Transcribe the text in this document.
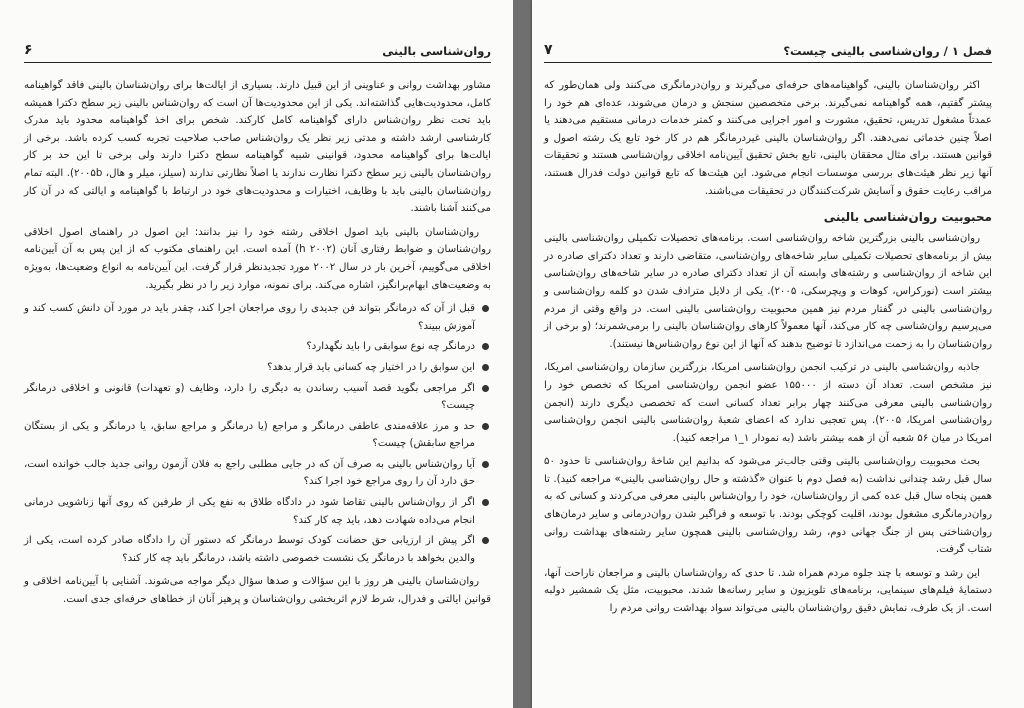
روان‌شناسی بالینی
۶

مشاور بهداشت روانی و عناوینی از این قبیل دارند. بسیاری از ایالت‌ها برای روان‌شناسان بالینی فاقد گواهینامه کامل، محدودیت‌هایی گذاشته‌اند. یکی از این محدودیت‌ها آن است که روان‌شناس بالینی زیر سطح دکترا همیشه باید تحت نظر روان‌شناس دارای گواهینامه کامل کارکند. شخص برای اخذ گواهینامه محدود باید مدرک کارشناسی ارشد داشته و مدتی زیر نظر یک روان‌شناس صاحب صلاحیت تجربه کسب کرده باشد. برخی از ایالت‌ها برای گواهینامه محدود، قوانینی شبیه گواهینامه سطح دکترا دارند ولی برخی تا این حد بر کار روان‌شناسان بالینی زیر سطح دکترا نظارت ندارند یا اصلاً نظارتی ندارند (سیلز، میلر و هال، ۲۰۰۵b). البته تمام روان‌شناسان بالینی باید با وظایف، اختیارات و محدودیت‌های خود در ارتباط با گواهینامه و ایالتی که در آن کار می‌کنند آشنا باشند.

روان‌شناسان بالینی باید اصول اخلاقی رشته خود را نیز بدانند: این اصول در راهنمای اصول اخلاقی روان‌شناسان و ضوابط رفتاری آنان (۲۰۰۲ h) آمده است. این راهنمای مکتوب که از این پس به آن آیین‌نامه اخلاقی می‌گوییم، آخرین بار در سال ۲۰۰۲ مورد تجدیدنظر قرار گرفت. این آیین‌نامه به انواع وضعیت‌ها، به‌ویژه به وضعیت‌های ابهام‌برانگیز، اشاره می‌کند. برای نمونه، موارد زیر را در نظر بگیرید.

قبل از آن که درمانگر بتواند فن جدیدی را روی مراجعان اجرا کند، چقدر باید در مورد آن دانش کسب کند و آموزش ببیند؟
درمانگر چه نوع سوابقی را باید نگهدارد؟
این سوابق را در اختیار چه کسانی باید قرار بدهد؟
اگر مراجعی بگوید قصد آسیب رساندن به دیگری را دارد، وظایف (و تعهدات) قانونی و اخلاقی درمانگر چیست؟
حد و مرز علاقه‌مندی عاطفی درمانگر و مراجع (یا درمانگر و مراجع سابق، یا درمانگر و یکی از بستگان مراجع سابقش) چیست؟
آیا روان‌شناس بالینی به صرف آن که در جایی مطلبی راجع به فلان آزمون روانی جدید جالب خوانده است، حق دارد آن را روی مراجع خود اجرا کند؟
اگر از روان‌شناس بالینی تقاضا شود در دادگاه طلاق به نفع یکی از طرفین که روی آنها زناشویی درمانی انجام می‌داده شهادت دهد، باید چه کار کند؟
اگر پیش از ارزیابی حق حضانت کودک توسط درمانگر که دستور آن را دادگاه صادر کرده است، یکی از والدین بخواهد با درمانگر یک نشست خصوصی داشته باشد، درمانگر باید چه کار کند؟

روان‌شناسان بالینی هر روز با این سؤالات و صدها سؤال دیگر مواجه می‌شوند. آشنایی با آیین‌نامه اخلاقی و قوانین ایالتی و فدرال، شرط لازم اثربخشی روان‌شناسان و پرهیز آنان از خطاهای حرفه‌ای جدی است.

فصل ۱ / روان‌شناسی بالینی چیست؟
۷

اکثر روان‌شناسان بالینی، گواهینامه‌های حرفه‌ای می‌گیرند و روان‌درمانگری می‌کنند ولی همان‌طور که پیشتر گفتیم، همه گواهینامه نمی‌گیرند. برخی متخصصین سنجش و درمان می‌شوند، عده‌ای هم خود را عمدتاً مشغول تدریس، تحقیق، مشورت و امور اجرایی می‌کنند و کمتر خدمات درمانی مستقیم می‌دهند یا اصلاً چنین خدماتی نمی‌دهند. اگر روان‌شناسان بالینی غیردرمانگر هم در کار خود تابع یک رشته اصول و قوانین هستند. برای مثال محققان بالینی، تابع بخش تحقیق آیین‌نامه اخلاقی روان‌شناسی هستند و تحقیقات آنها زیر نظر هیئت‌های بررسی موسسات انجام می‌شود. این هیئت‌ها که تابع قوانین دولت فدرال هستند، مراقب رعایت حقوق و آسایش شرکت‌کنندگان در تحقیقات می‌باشند.

محبوبیت روان‌شناسی بالینی

روان‌شناسی بالینی بزرگترین شاخه روان‌شناسی است. برنامه‌های تحصیلات تکمیلی روان‌شناسی بالینی بیش از برنامه‌های تحصیلات تکمیلی سایر شاخه‌های روان‌شناسی، متقاضی دارند و تعداد دکترای صادره در این شاخه از روان‌شناسی و رشته‌های وابسته آن از تعداد دکترای صادره در سایر شاخه‌های روان‌شناسی بیشتر است (نورکراس، کوهات و ویچرسکی، ۲۰۰۵). یکی از دلایل مترادف شدن دو کلمه روان‌شناسی و روان‌شناسی بالینی در گفتار مردم نیز همین محبوبیت روان‌شناسی بالینی است. در واقع وقتی از مردم می‌پرسیم روان‌شناسی چه کار می‌کند، آنها معمولاً کارهای روان‌شناسان بالینی را برمی‌شمرند؛ (و برخی از روان‌شناسان را به زحمت می‌اندازد تا توضیح بدهند که آنها از این نوع روان‌شناس‌ها نیستند).

جاذبه روان‌شناسی بالینی در ترکیب انجمن روان‌شناسی امریکا، بزرگترین سازمان روان‌شناسی امریکا، نیز مشخص است. تعداد آن دسته از ۱۵۵۰۰۰ عضو انجمن روان‌شناسی امریکا که تخصص خود را روان‌شناسی بالینی معرفی می‌کنند چهار برابر تعداد کسانی است که تخصصی دیگری دارند (انجمن روان‌شناسی امریکا، ۲۰۰۵). پس تعجبی ندارد که اعضای شعبهٔ روان‌شناسی بالینی انجمن روان‌شناسی امریکا در میان ۵۶ شعبه آن از همه بیشتر باشد (به نمودار ۱_۱ مراجعه کنید).

بحث محبوبیت روان‌شناسی بالینی وقتی جالب‌تر می‌شود که بدانیم این شاخهٔ روان‌شناسی تا حدود ۵۰ سال قبل رشد چندانی نداشت (به فصل دوم با عنوان «گذشته و حال روان‌شناسی بالینی» مراجعه کنید). تا همین پنجاه سال قبل عده کمی از روان‌شناسان، خود را روان‌شناس بالینی معرفی می‌کردند و کسانی که به روان‌درمانگری مشغول بودند، اقلیت کوچکی بودند. با توسعه و فراگیر شدن روان‌درمانی و سایر درمان‌های روان‌شناختی پس از جنگ جهانی دوم، رشد روان‌شناسی بالینی همچون سایر رشته‌های بهداشت روانی شتاب گرفت.

این رشد و توسعه با چند جلوه مردم همراه شد. تا حدی که روان‌شناسان بالینی و مراجعان ناراحت آنها، دستمایهٔ فیلم‌های سینمایی، برنامه‌های تلویزیون و سایر رسانه‌ها شدند. محبوبیت، مثل یک شمشیر دولبه است. از یک طرف، نمایش دقیق روان‌شناسان بالینی می‌تواند سواد بهداشت روانی مردم را
